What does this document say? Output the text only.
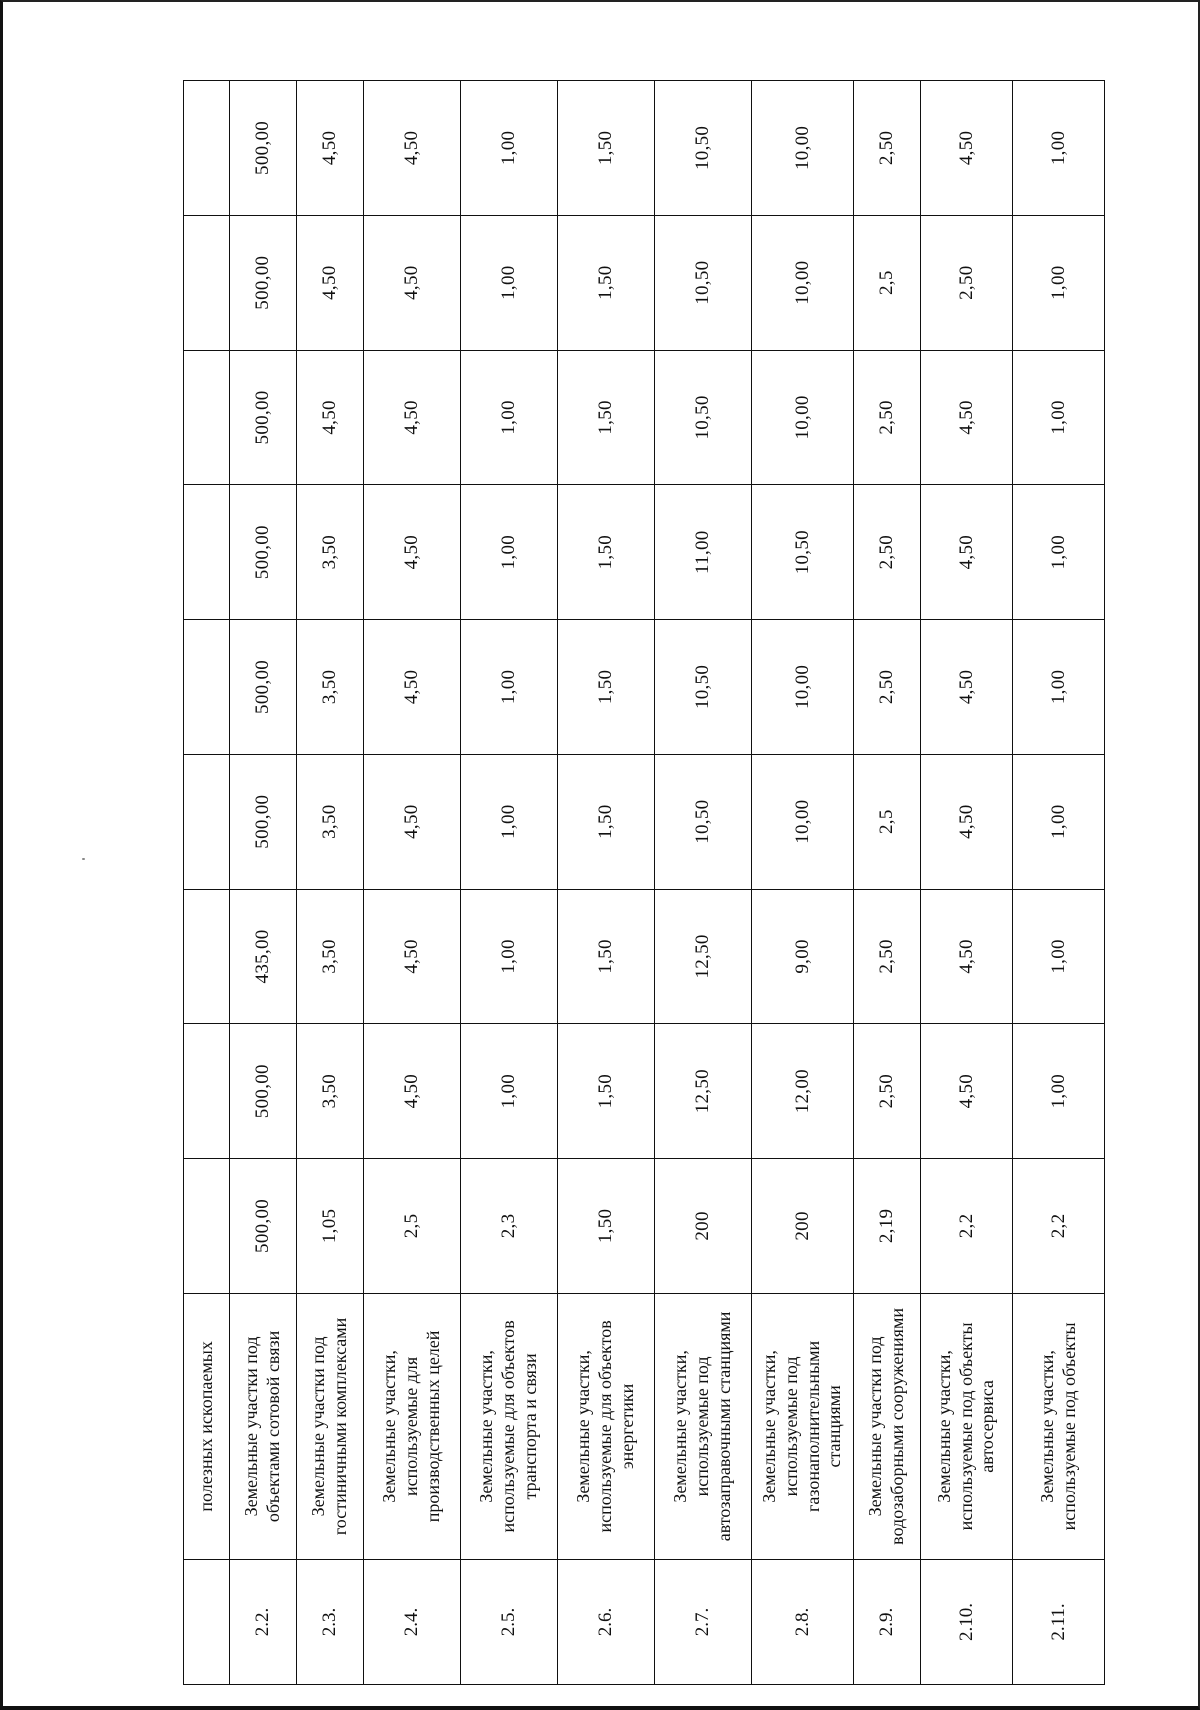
	полезных ископаемых									
2.2.	Земельные участки под объектами сотовой связи	500,00	500,00	435,00	500,00	500,00	500,00	500,00	500,00	500,00
2.3.	Земельные участки под гостиничными комплексами	1,05	3,50	3,50	3,50	3,50	3,50	4,50	4,50	4,50
2.4.	Земельные участки, используемые для производственных целей	2,5	4,50	4,50	4,50	4,50	4,50	4,50	4,50	4,50
2.5.	Земельные участки, используемые для объектов транспорта и связи	2,3	1,00	1,00	1,00	1,00	1,00	1,00	1,00	1,00
2.6.	Земельные участки, используемые для объектов энергетики	1,50	1,50	1,50	1,50	1,50	1,50	1,50	1,50	1,50
2.7.	Земельные участки, используемые под автозаправочными станциями	200	12,50	12,50	10,50	10,50	11,00	10,50	10,50	10,50
2.8.	Земельные участки, используемые под газонаполнительными станциями	200	12,00	9,00	10,00	10,00	10,50	10,00	10,00	10,00
2.9.	Земельные участки под водозаборными сооружениями	2,19	2,50	2,50	2,5	2,50	2,50	2,50	2,5	2,50
2.10.	Земельные участки, используемые под объекты автосервиса	2,2	4,50	4,50	4,50	4,50	4,50	4,50	2,50	4,50
2.11.	Земельные участки, используемые под объекты	2,2	1,00	1,00	1,00	1,00	1,00	1,00	1,00	1,00
